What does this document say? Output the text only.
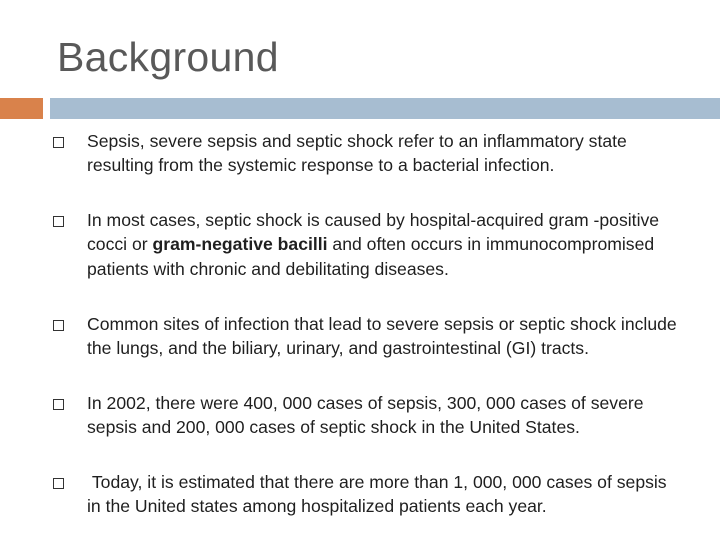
Background
Sepsis, severe sepsis and septic shock refer to an inflammatory state resulting from the systemic response to a bacterial infection.
In most cases, septic shock is caused by hospital-acquired gram -positive cocci or gram-negative bacilli and often occurs in immunocompromised patients with chronic and debilitating diseases.
Common sites of infection that lead to severe sepsis or septic shock include the lungs, and the biliary, urinary, and gastrointestinal (GI) tracts.
In 2002, there were 400, 000 cases of sepsis, 300, 000 cases of severe sepsis and 200, 000 cases of septic shock in the United States.
Today, it is estimated that there are more than 1, 000, 000 cases of sepsis in the United states among hospitalized patients each year.
